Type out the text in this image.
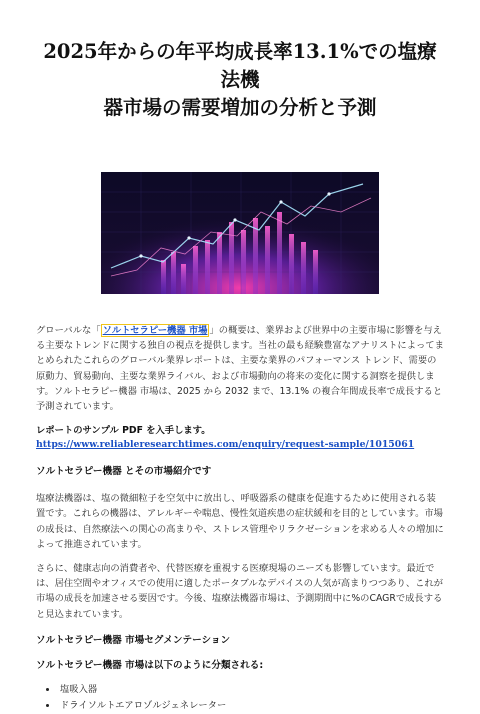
2025年からの年平均成長率13.1%での塩療法機
器市場の需要増加の分析と予測

グローバルな「 ソルトセラピー機器 市場 」の概要は、業界および世界中の主要市場に影響を与える主要なトレンドに関する独自の視点を提供します。当社の最も経験豊富なアナリストによってまとめられたこれらのグローバル業界レポートは、主要な業界のパフォーマンス トレンド、需要の原動力、貿易動向、主要な業界ライバル、および市場動向の将来の変化に関する洞察を提供します。ソルトセラピー機器 市場は、2025 から 2032 まで、13.1% の複合年間成長率で成長すると予測されています。

レポートのサンプル PDF を入手します。 https://www.reliableresearchtimes.com/enquiry/request-sample/1015061

ソルトセラピー機器 とその市場紹介です

塩療法機器は、塩の微細粒子を空気中に放出し、呼吸器系の健康を促進するために使用される装置です。これらの機器は、アレルギーや喘息、慢性気道疾患の症状緩和を目的としています。市場の成長は、自然療法への関心の高まりや、ストレス管理やリラクゼーションを求める人々の増加によって推進されています。

さらに、健康志向の消費者や、代替医療を重視する医療現場のニーズも影響しています。最近では、居住空間やオフィスでの使用に適したポータブルなデバイスの人気が高まりつつあり、これが市場の成長を加速させる要因です。今後、塩療法機器市場は、予測期間中に%のCAGRで成長すると見込まれています。

ソルトセラピー機器 市場セグメンテーション
ソルトセラピー機器 市場は以下のように分類される:
• 塩吸入器
• ドライソルトエアロゾルジェネレーター
